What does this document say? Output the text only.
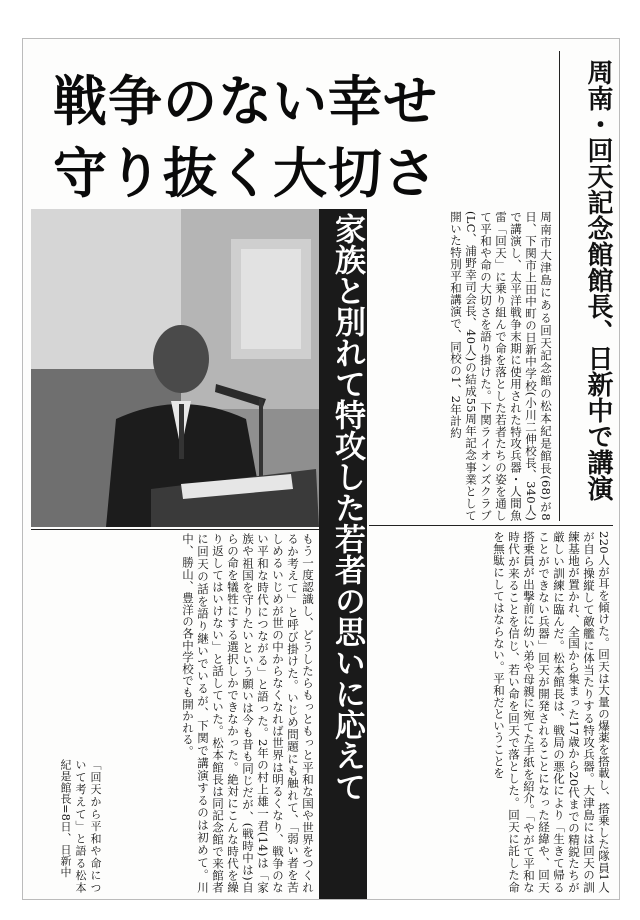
戦争のない幸せ
守り抜く大切さ	周南・回天記念館館長、日新中で講演
周南市大津島にある回天記念館の松本紀是館長(68)が8日、下関市上田中町の日新中学校(小川二伸校長、340人)で講演し、太平洋戦争末期に使用された特攻兵器・人間魚雷「回天」に乗り組んで命を落とした若者たちの姿を通して平和や命の大切さを語り掛けた。下関ライオンズクラブ(LC、浦野幸司会長、40人)の結成55周年記念事業として開いた特別平和講演で、同校の1、2年計約
家族と別れて特攻した若者の思いに応えて	220人が耳を傾けた。回天は大量の爆薬を搭載し、搭乗した隊員1人が自ら操縦して敵艦に体当たりする特攻兵器。大津島には回天の訓練基地が置かれ、全国から集まった17歳から20代までの精鋭たちが厳しい訓練に臨んだ。松本館長は、戦局の悪化により「生きて帰ることができない兵器」回天が開発されることになった経緯や、回天搭乗員が出撃前に幼い弟や母親に宛てた手紙を紹介。「やがて平和な時代が来ることを信じ、若い命を回天で落とした。回天に託した命を無駄にしてはならない。平和だということを
「回天から平和や命について考えて」と語る松本紀是館長=8日、日新中	もう一度認識し、どうしたらもっともっと平和な国や世界をつくれるか考えて」と呼び掛けた。いじめ問題にも触れて、「弱い者を苦しめるいじめが世の中からなくなれば世界は明るくなり、戦争のない平和な時代につながる」と語った。2年の村上雄一君(14)は「家族や祖国を守りたいという願いは今も昔も同じだが、(戦時中は)自らの命を犠牲にする選択しかできなかった。絶対にこんな時代を繰り返してはいけない」と話していた。松本館長は同記念館で来館者に回天の話を語り継いでいるが、下関で講演するのは初めて。川中、勝山、豊洋の各中学校でも開かれる。
